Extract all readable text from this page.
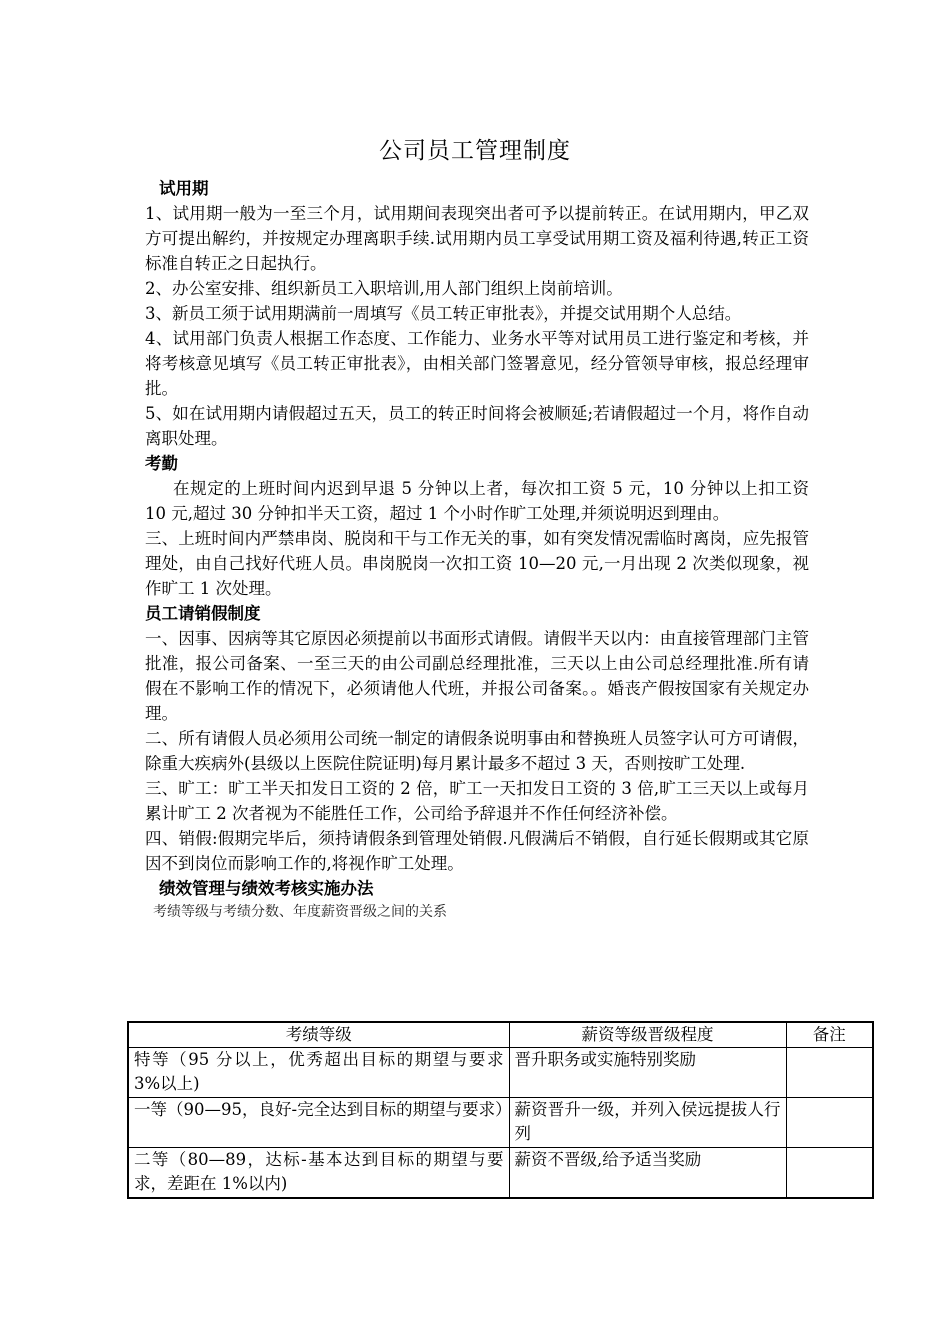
公司员工管理制度

试用期

1、试用期一般为一至三个月，试用期间表现突出者可予以提前转正。在试用期内，甲乙双方可提出解约，并按规定办理离职手续.试用期内员工享受试用期工资及福利待遇,转正工资标准自转正之日起执行。

2、办公室安排、组织新员工入职培训,用人部门组织上岗前培训。

3、新员工须于试用期满前一周填写《员工转正审批表》，并提交试用期个人总结。

4、试用部门负责人根据工作态度、工作能力、业务水平等对试用员工进行鉴定和考核，并将考核意见填写《员工转正审批表》，由相关部门签署意见，经分管领导审核，报总经理审批。

5、如在试用期内请假超过五天，员工的转正时间将会被顺延;若请假超过一个月，将作自动离职处理。

考勤

在规定的上班时间内迟到早退 5 分钟以上者，每次扣工资 5 元，10 分钟以上扣工资 10 元,超过 30 分钟扣半天工资，超过 1 个小时作旷工处理,并须说明迟到理由。

三、上班时间内严禁串岗、脱岗和干与工作无关的事，如有突发情况需临时离岗，应先报管理处，由自己找好代班人员。串岗脱岗一次扣工资 10—20 元,一月出现 2 次类似现象，视作旷工 1 次处理。

员工请销假制度

一、因事、因病等其它原因必须提前以书面形式请假。请假半天以内：由直接管理部门主管批准，报公司备案、一至三天的由公司副总经理批准，三天以上由公司总经理批准.所有请假在不影响工作的情况下，必须请他人代班，并报公司备案。。婚丧产假按国家有关规定办理。

二、所有请假人员必须用公司统一制定的请假条说明事由和替换班人员签字认可方可请假，除重大疾病外(县级以上医院住院证明)每月累计最多不超过 3 天，否则按旷工处理.

三、旷工：旷工半天扣发日工资的 2 倍，旷工一天扣发日工资的 3 倍,旷工三天以上或每月累计旷工 2 次者视为不能胜任工作，公司给予辞退并不作任何经济补偿。

四、销假:假期完毕后，须持请假条到管理处销假.凡假满后不销假，自行延长假期或其它原因不到岗位而影响工作的,将视作旷工处理。

绩效管理与绩效考核实施办法

考绩等级与考绩分数、年度薪资晋级之间的关系

考绩等级	薪资等级晋级程度	备注
特等（95 分以上，优秀超出目标的期望与要求 3%以上)	晋升职务或实施特别奖励	
一等（90—95，良好-完全达到目标的期望与要求）	薪资晋升一级，并列入侯远提拔人行列	
二等（80—89，达标-基本达到目标的期望与要求，差距在 1%以内)	薪资不晋级,给予适当奖励	
